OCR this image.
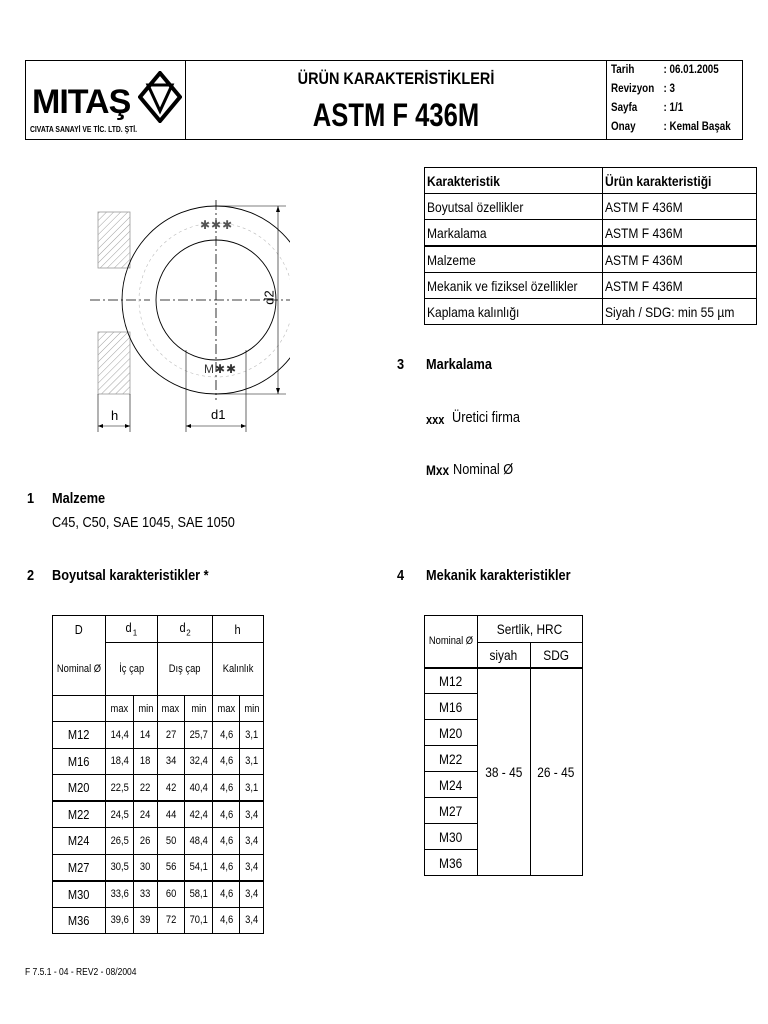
MITAŞ
CIVATA SANAYİ VE TİC. LTD. ŞTİ.
ÜRÜN KARAKTERİSTİKLERİ
ASTM F 436M
Tarih : 06.01.2005
Revizyon : 3
Sayfa : 1/1
Onay : Kemal Başak
✱✱✱
M✱✱
d2
d1
h
Karakteristik	Ürün karakteristiği
Boyutsal özellikler	ASTM F 436M
Markalama	ASTM F 436M
Malzeme	ASTM F 436M
Mekanik ve fiziksel özellikler	ASTM F 436M
Kaplama kalınlığı	Siyah / SDG: min 55 µm
3 Markalama
xxx Üretici firma
Mxx Nominal Ø
1 Malzeme
C45, C50, SAE 1045, SAE 1050
2 Boyutsal karakteristikler *	4 Mekanik karakteristikler
D	$d_1$		$d_2$		h	
Nominal Ø	İç çap		Dış çap		Kalınlık	
	max	min	max	min	max	min
M12	14,4	14	27	25,7	4,6	3,1
M16	18,4	18	34	32,4	4,6	3,1
M20	22,5	22	42	40,4	4,6	3,1
M22	24,5	24	44	42,4	4,6	3,4
M24	26,5	26	50	48,4	4,6	3,4
M27	30,5	30	56	54,1	4,6	3,4
M30	33,6	33	60	58,1	4,6	3,4
M36	39,6	39	72	70,1	4,6	3,4
Nominal Ø	Sertlik, HRC	
	siyah	SDG
M12	38 - 45	26 - 45
M16		
M20		
M22		
M24		
M27		
M30		
M36		
F 7.5.1 - 04 - REV2 - 08/2004
